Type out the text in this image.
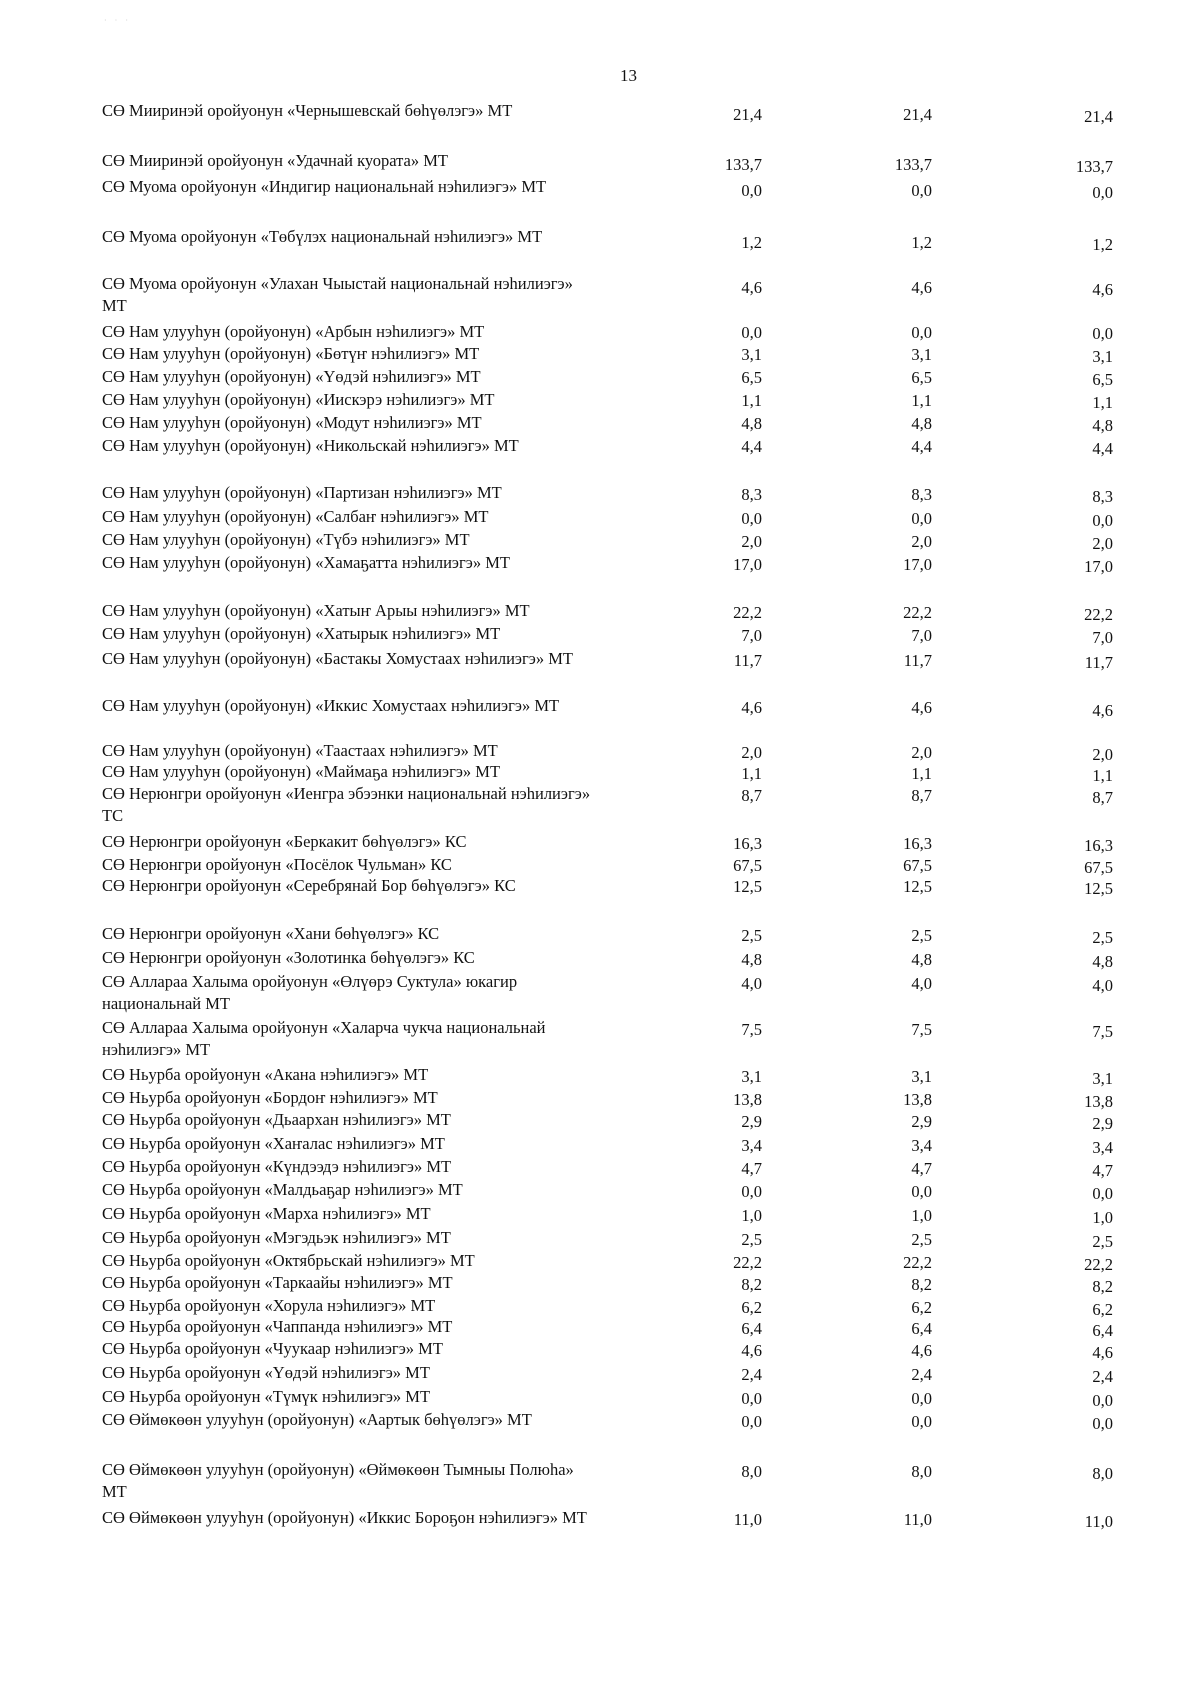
· · ·
13
СӨ Мииринэй оройуонун «Чернышевскай бөһүөлэгэ» МТ	21,4	21,4	21,4
СӨ Мииринэй оройуонун «Удачнай куората» МТ	133,7	133,7	133,7
СӨ Муома оройуонун «Индигир национальнай нэһилиэгэ» МТ	0,0	0,0	0,0
СӨ Муома оройуонун «Төбүлэх национальнай нэһилиэгэ» МТ	1,2	1,2	1,2
СӨ Муома оройуонун «Улахан Чыыстай национальнай нэһилиэгэ» МТ
4,6	4,6	4,6
СӨ Нам улууһун (оройуонун) «Арбын нэһилиэгэ» МТ	0,0	0,0	0,0
СӨ Нам улууһун (оройуонун) «Бөтүҥ нэһилиэгэ» МТ	3,1	3,1	3,1
СӨ Нам улууһун (оройуонун) «Үөдэй нэһилиэгэ» МТ	6,5	6,5	6,5
СӨ Нам улууһун (оройуонун) «Иискэрэ нэһилиэгэ» МТ	1,1	1,1	1,1
СӨ Нам улууһун (оройуонун) «Модут нэһилиэгэ» МТ	4,8	4,8	4,8
СӨ Нам улууһун (оройуонун) «Никольскай нэһилиэгэ» МТ	4,4	4,4	4,4
СӨ Нам улууһун (оройуонун) «Партизан нэһилиэгэ» МТ	8,3	8,3	8,3
СӨ Нам улууһун (оройуонун) «Салбаҥ нэһилиэгэ» МТ	0,0	0,0	0,0
СӨ Нам улууһун (оройуонун) «Түбэ нэһилиэгэ» МТ	2,0	2,0	2,0
СӨ Нам улууһун (оройуонун) «Хамаҕатта нэһилиэгэ» МТ	17,0	17,0	17,0
СӨ Нам улууһун (оройуонун) «Хатыҥ Арыы нэһилиэгэ» МТ	22,2	22,2	22,2
СӨ Нам улууһун (оройуонун) «Хатырык нэһилиэгэ» МТ	7,0	7,0	7,0
СӨ Нам улууһун (оройуонун) «Бастакы Хомустаах нэһилиэгэ» МТ	11,7	11,7	11,7
СӨ Нам улууһун (оройуонун) «Иккис Хомустаах нэһилиэгэ» МТ	4,6	4,6	4,6
СӨ Нам улууһун (оройуонун) «Таастаах нэһилиэгэ» МТ	2,0	2,0	2,0
СӨ Нам улууһун (оройуонун) «Маймаҕа нэһилиэгэ» МТ	1,1	1,1	1,1
СӨ Нерюнгри оройуонун «Иенгра эбээнки национальнай нэһилиэгэ» ТС
8,7	8,7	8,7
СӨ Нерюнгри оройуонун «Беркакит бөһүөлэгэ» КС	16,3	16,3	16,3
СӨ Нерюнгри оройуонун «Посёлок Чульман» КС	67,5	67,5	67,5
СӨ Нерюнгри оройуонун «Серебрянай Бор бөһүөлэгэ» КС	12,5	12,5	12,5
СӨ Нерюнгри оройуонун «Хани бөһүөлэгэ» КС	2,5	2,5	2,5
СӨ Нерюнгри оройуонун «Золотинка бөһүөлэгэ» КС	4,8	4,8	4,8
СӨ Аллараа Халыма оройуонун «Өлүөрэ Суктула» юкагир национальнай МТ
4,0	4,0	4,0
СӨ Аллараа Халыма оройуонун «Халарча чукча национальнай нэһилиэгэ» МТ
7,5	7,5	7,5
СӨ Ньурба оройуонун «Акана нэһилиэгэ» МТ	3,1	3,1	3,1
СӨ Ньурба оройуонун «Бордоҥ нэһилиэгэ» МТ	13,8	13,8	13,8
СӨ Ньурба оройуонун «Дьаархан нэһилиэгэ» МТ	2,9	2,9	2,9
СӨ Ньурба оройуонун «Хаҥалас нэһилиэгэ» МТ	3,4	3,4	3,4
СӨ Ньурба оройуонун «Күндээдэ нэһилиэгэ» МТ	4,7	4,7	4,7
СӨ Ньурба оройуонун «Малдьаҕар нэһилиэгэ» МТ	0,0	0,0	0,0
СӨ Ньурба оройуонун «Марха нэһилиэгэ» МТ	1,0	1,0	1,0
СӨ Ньурба оройуонун «Мэгэдьэк нэһилиэгэ» МТ	2,5	2,5	2,5
СӨ Ньурба оройуонун «Октябрьскай нэһилиэгэ» МТ	22,2	22,2	22,2
СӨ Ньурба оройуонун «Таркаайы нэһилиэгэ» МТ	8,2	8,2	8,2
СӨ Ньурба оройуонун «Хорула нэһилиэгэ» МТ	6,2	6,2	6,2
СӨ Ньурба оройуонун «Чаппанда нэһилиэгэ» МТ	6,4	6,4	6,4
СӨ Ньурба оройуонун «Чуукаар нэһилиэгэ» МТ	4,6	4,6	4,6
СӨ Ньурба оройуонун «Үөдэй нэһилиэгэ» МТ	2,4	2,4	2,4
СӨ Ньурба оройуонун «Түмүк нэһилиэгэ» МТ	0,0	0,0	0,0
СӨ Өймөкөөн улууһун (оройуонун) «Аартык бөһүөлэгэ» МТ	0,0	0,0	0,0
СӨ Өймөкөөн улууһун (оройуонун) «Өймөкөөн Тымныы Полюһа» МТ
8,0	8,0	8,0
СӨ Өймөкөөн улууһун (оройуонун) «Иккис Бороҕон нэһилиэгэ» МТ	11,0	11,0	11,0
